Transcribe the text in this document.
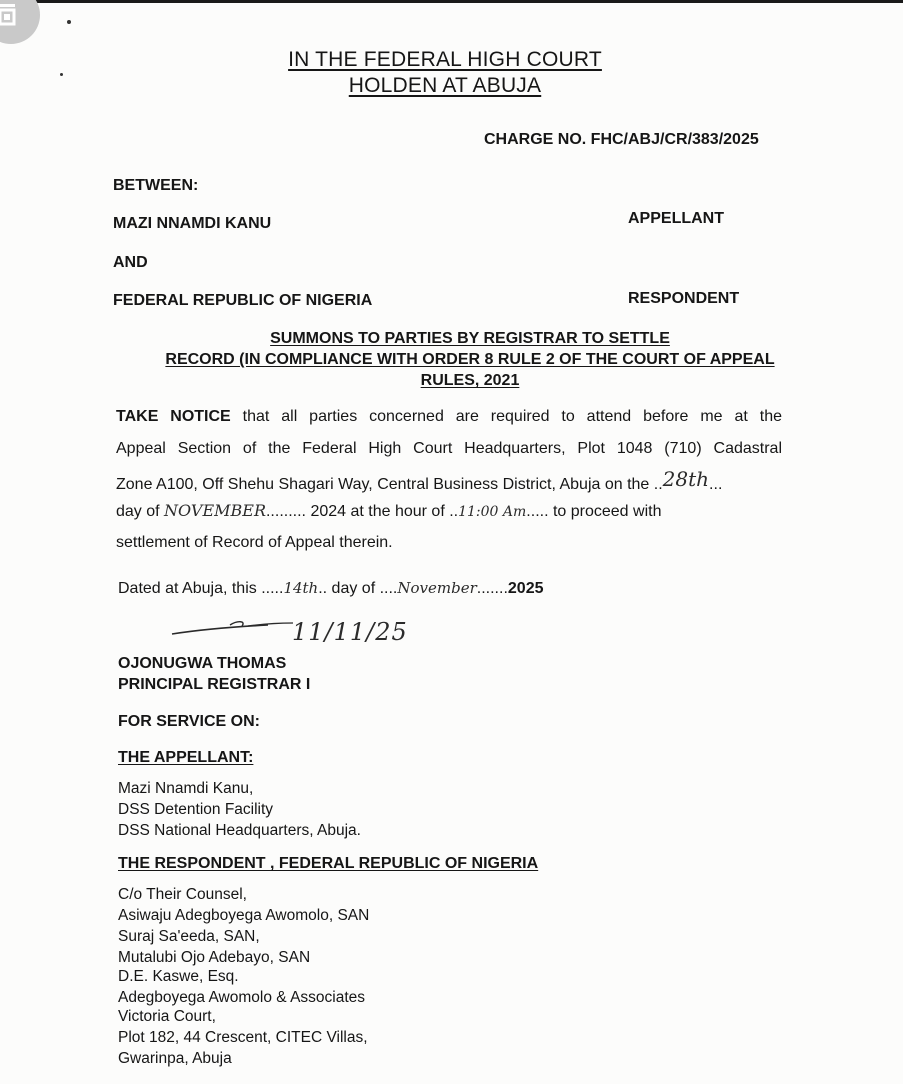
IN THE FEDERAL HIGH COURT
HOLDEN AT ABUJA
CHARGE NO. FHC/ABJ/CR/383/2025
BETWEEN:
MAZI NNAMDI KANU	APPELLANT
AND
FEDERAL REPUBLIC OF NIGERIA	RESPONDENT
SUMMONS TO PARTIES BY REGISTRAR TO SETTLE
RECORD (IN COMPLIANCE WITH ORDER 8 RULE 2 OF THE COURT OF APPEAL
RULES, 2021
TAKE NOTICE that all parties concerned are required to attend before me at the
Appeal Section of the Federal High Court Headquarters, Plot 1048 (710) Cadastral
Zone A100, Off Shehu Shagari Way, Central Business District, Abuja on the ..28th...
day of NOVEMBER......... 2024 at the hour of ..11:00 Am..... to proceed with
settlement of Record of Appeal therein.
Dated at Abuja, this .....14th.. day of ....November.......2025
11/11/25
OJONUGWA THOMAS
PRINCIPAL REGISTRAR I
FOR SERVICE ON:
THE APPELLANT:
Mazi Nnamdi Kanu,
DSS Detention Facility
DSS National Headquarters, Abuja.
THE RESPONDENT , FEDERAL REPUBLIC OF NIGERIA
C/o Their Counsel,
Asiwaju Adegboyega Awomolo, SAN
Suraj Sa'eeda, SAN,
Mutalubi Ojo Adebayo, SAN
D.E. Kaswe, Esq.
Adegboyega Awomolo & Associates
Victoria Court,
Plot 182, 44 Crescent, CITEC Villas,
Gwarinpa, Abuja
